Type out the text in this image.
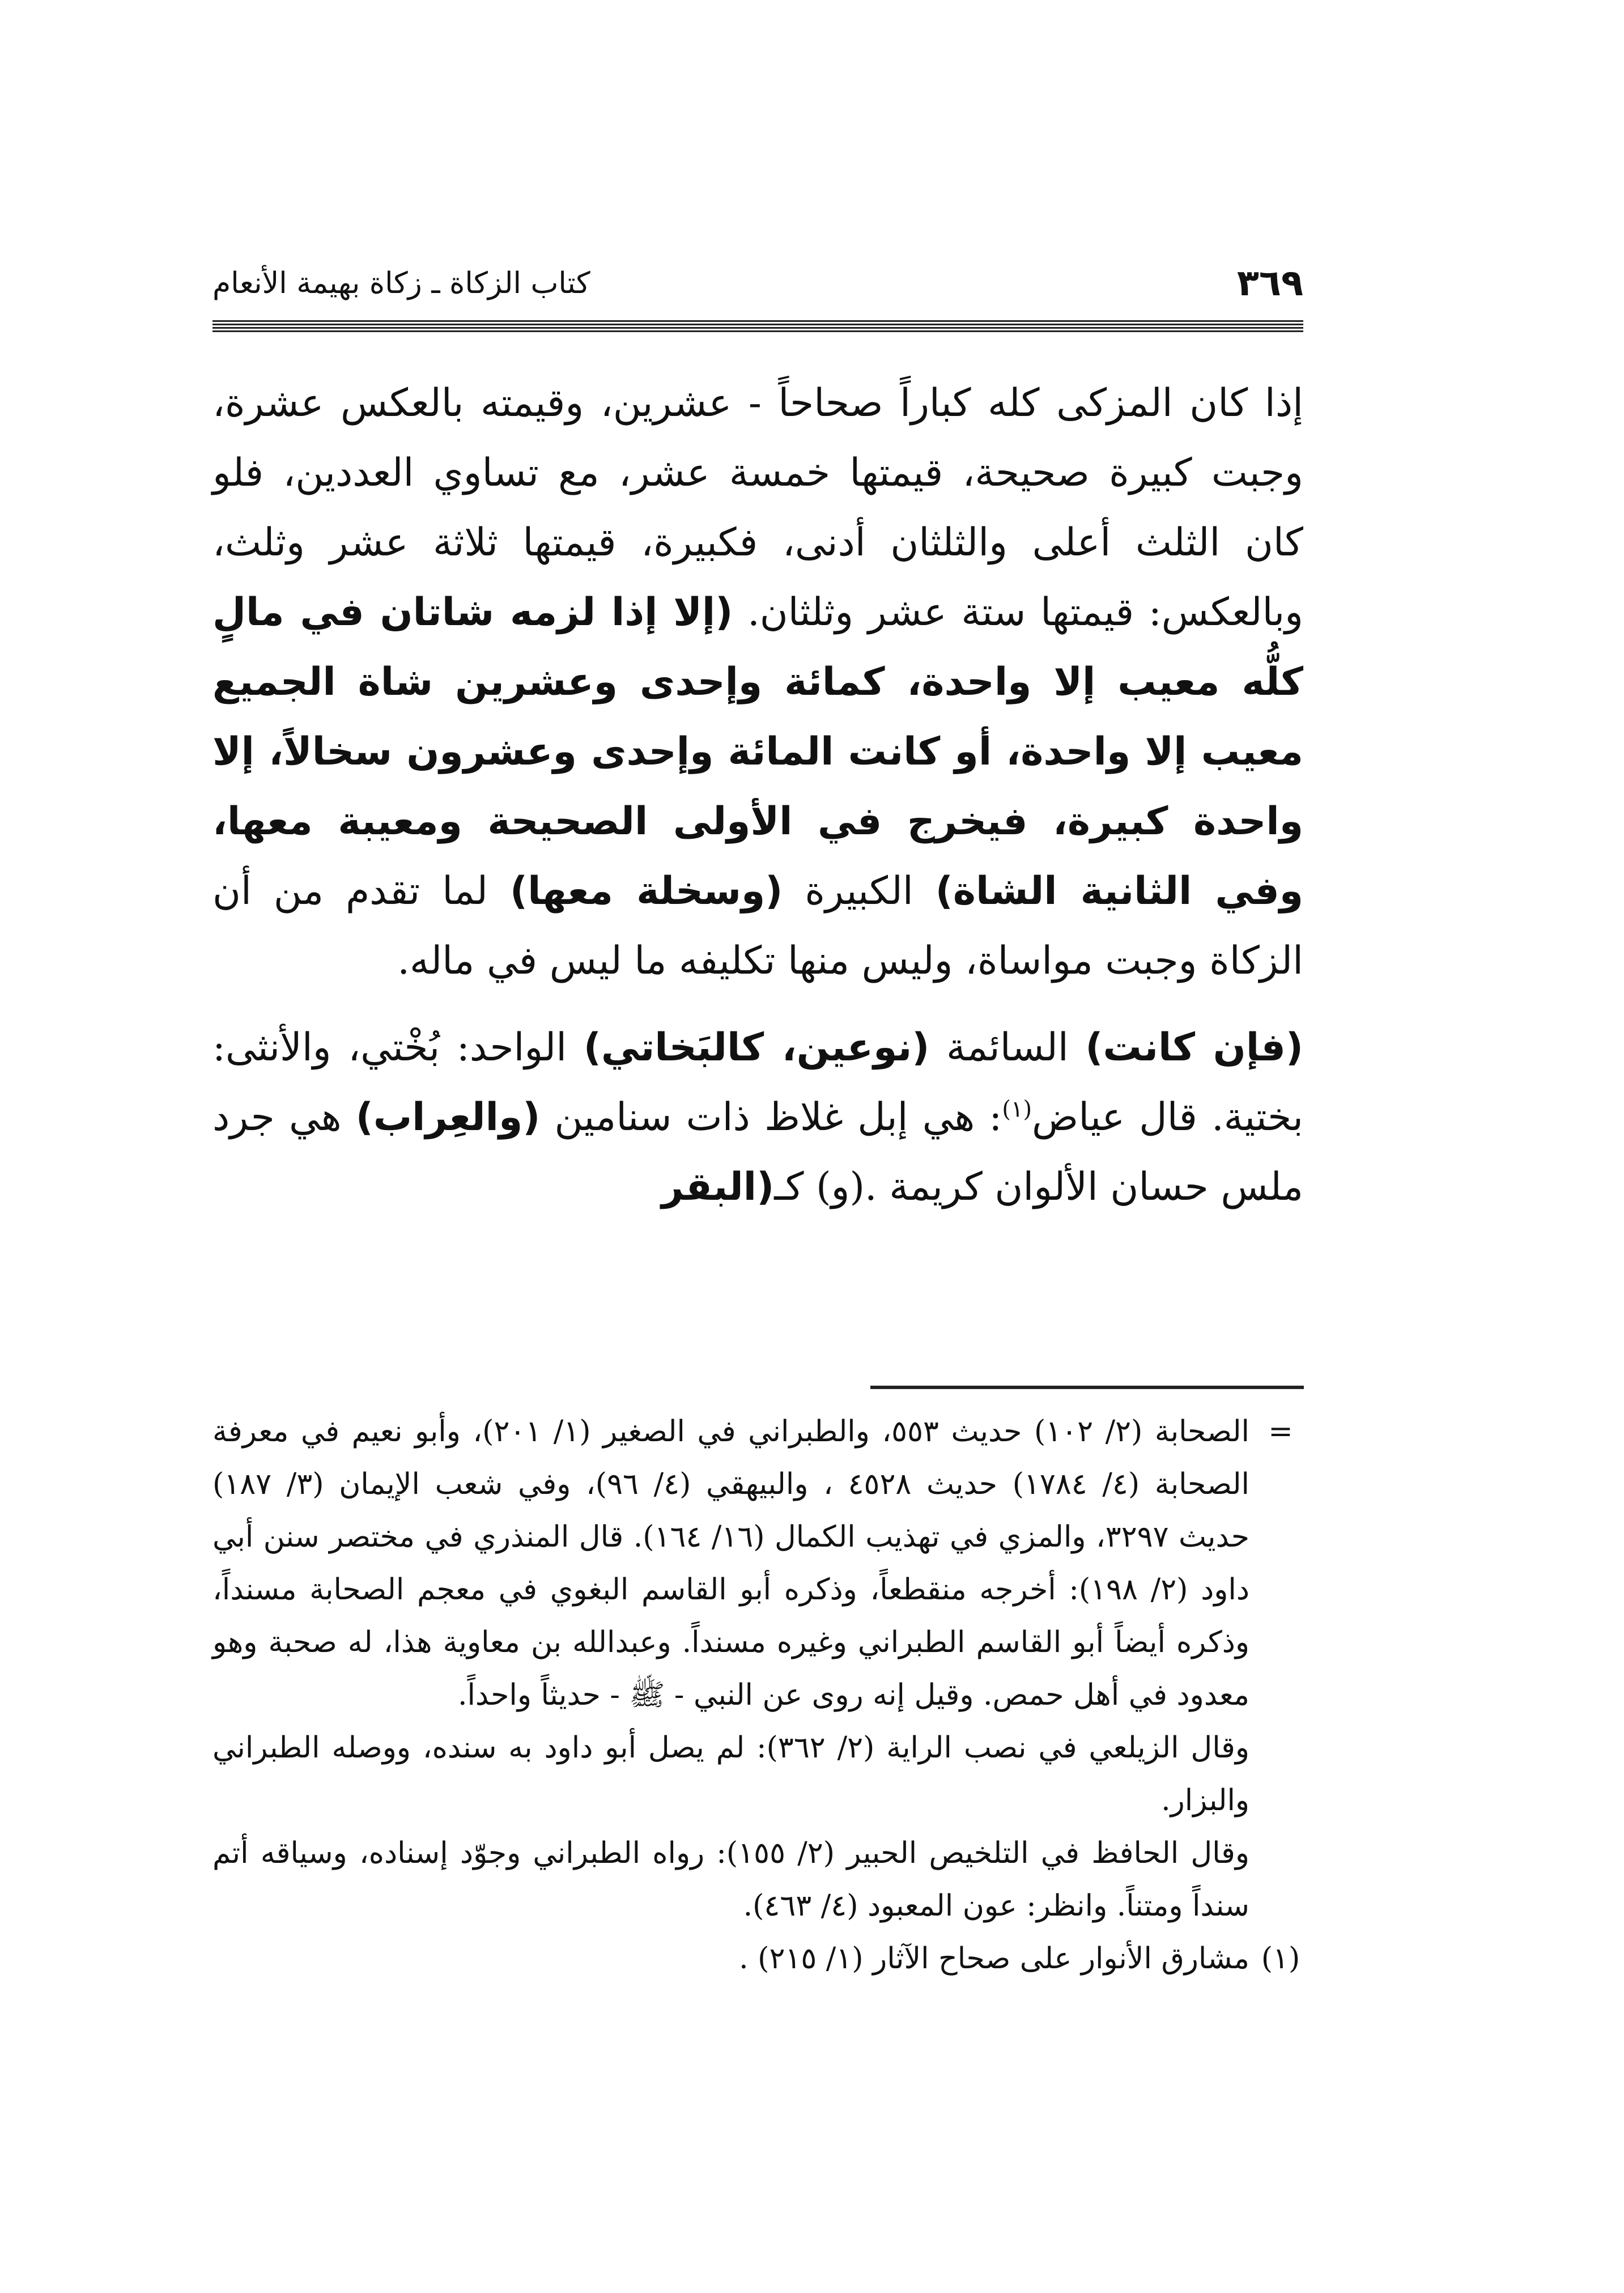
٣٦٩
كتاب الزكاة ـ زكاة بهيمة الأنعام

إذا كان المزكى كله كباراً صحاحاً - عشرين، وقيمته بالعكس عشرة، وجبت كبيرة صحيحة، قيمتها خمسة عشر، مع تساوي العددين، فلو كان الثلث أعلى والثلثان أدنى، فكبيرة، قيمتها ثلاثة عشر وثلث، وبالعكس: قيمتها ستة عشر وثلثان. (إلا إذا لزمه شاتان في مالٍ كلُّه معيب إلا واحدة، كمائة وإحدى وعشرين شاة الجميع معيب إلا واحدة، أو كانت المائة وإحدى وعشرون سخالاً، إلا واحدة كبيرة، فيخرج في الأولى الصحيحة ومعيبة معها، وفي الثانية الشاة) الكبيرة (وسخلة معها) لما تقدم من أن الزكاة وجبت مواساة، وليس منها تكليفه ما ليس في ماله.

(فإن كانت) السائمة (نوعين، كالبَخاتي) الواحد: بُخْتي، والأنثى: بختية. قال عياض$^{(١)}$: هي إبل غلاظ ذات سنامين (والعِراب) هي جرد ملس حسان الألوان كريمة .(و) كـ(البقر

=
الصحابة (٢/ ١٠٢) حديث ٥٥٣، والطبراني في الصغير (١/ ٢٠١)، وأبو نعيم في معرفة الصحابة (٤/ ١٧٨٤) حديث ٤٥٢٨ ، والبيهقي (٤/ ٩٦)، وفي شعب الإيمان (٣/ ١٨٧) حديث ٣٢٩٧، والمزي في تهذيب الكمال (١٦/ ١٦٤). قال المنذري في مختصر سنن أبي داود (٢/ ١٩٨): أخرجه منقطعاً، وذكره أبو القاسم البغوي في معجم الصحابة مسنداً، وذكره أيضاً أبو القاسم الطبراني وغيره مسنداً. وعبدالله بن معاوية هذا، له صحبة وهو معدود في أهل حمص. وقيل إنه روى عن النبي - ﷺ - حديثاً واحداً.

وقال الزيلعي في نصب الراية (٢/ ٣٦٢): لم يصل أبو داود به سنده، ووصله الطبراني والبزار.

وقال الحافظ في التلخيص الحبير (٢/ ١٥٥): رواه الطبراني وجوّد إسناده، وسياقه أتم سنداً ومتناً. وانظر: عون المعبود (٤/ ٤٦٣).

(١)
مشارق الأنوار على صحاح الآثار (١/ ٢١٥) .
